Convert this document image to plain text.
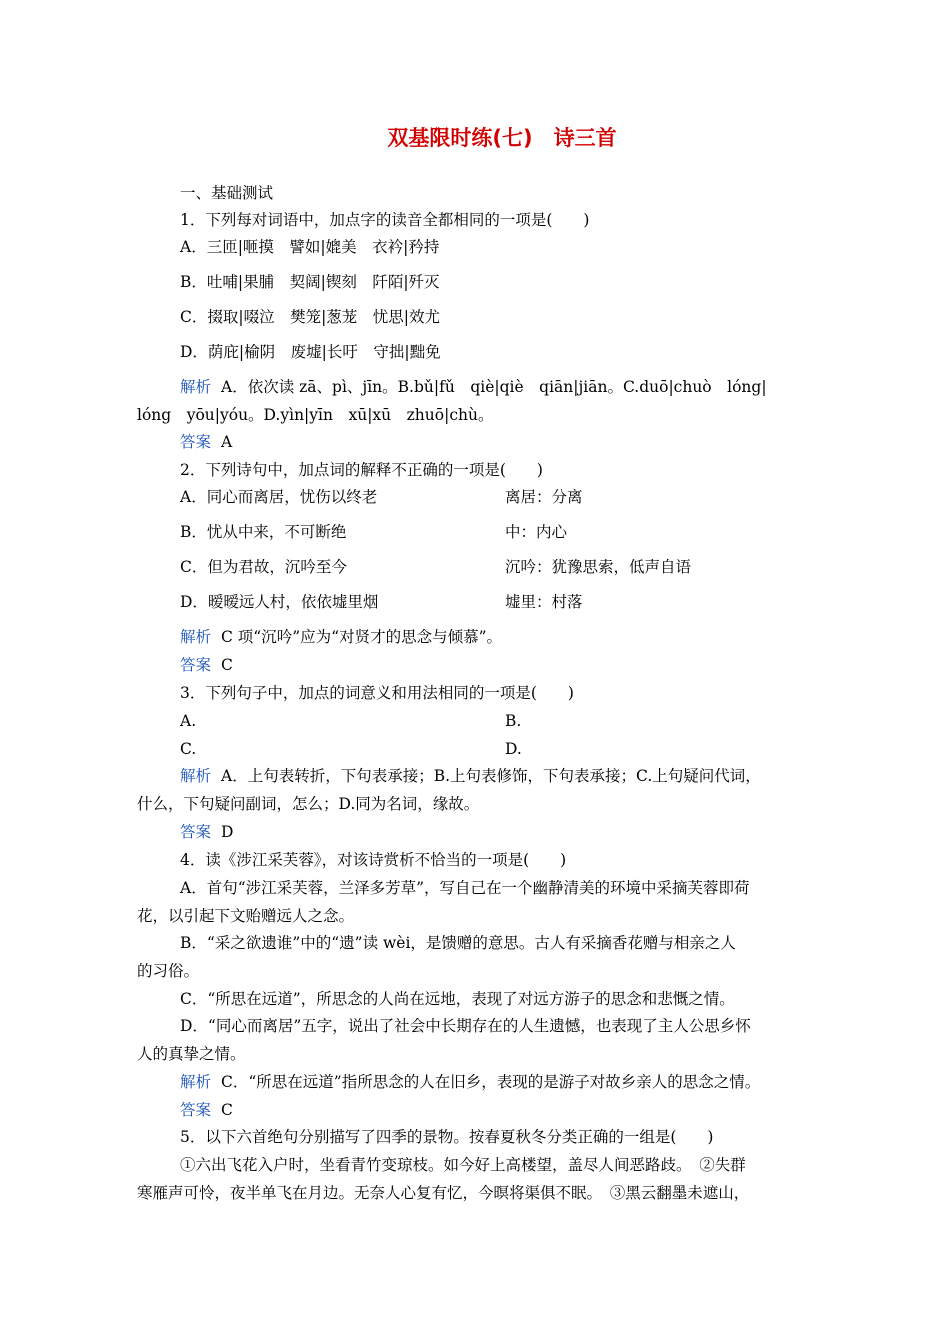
双基限时练(七)　诗三首
一、基础测试
1．下列每对词语中，加点字的读音全都相同的一项是(　　)
A．三匝|咂摸　譬如|媲美　衣衿|矜持
B．吐哺|果脯　契阔|锲刻　阡陌|歼灭
C．掇取|啜泣　樊笼|葱茏　忧思|效尤
D．荫庇|榆阴　废墟|长吁　守拙|黜免
解析 A．依次读 zā、pì、jīn。B.bǔ|fǔ　qiè|qiè　qiān|jiān。C.duō|chuò　lóng|
lóng　yōu|yóu。D.yìn|yīn　xū|xū　zhuō|chù。
答案 A
2．下列诗句中，加点词的解释不正确的一项是(　　)
A．同心而离居，忧伤以终老	离居：分离
B．忧从中来，不可断绝	中：内心
C．但为君故，沉吟至今	沉吟：犹豫思索，低声自语
D．暧暧远人村，依依墟里烟	墟里：村落
解析 C 项“沉吟”应为“对贤才的思念与倾慕”。
答案 C
3．下列句子中，加点的词意义和用法相同的一项是(　　)
A.	B.
C.	D.
解析 A．上句表转折，下句表承接；B.上句表修饰，下句表承接；C.上句疑问代词，
什么，下句疑问副词，怎么；D.同为名词，缘故。
答案 D
4．读《涉江采芙蓉》，对该诗赏析不恰当的一项是(　　)
A．首句“涉江采芙蓉，兰泽多芳草”，写自己在一个幽静清美的环境中采摘芙蓉即荷
花，以引起下文贻赠远人之念。
B．“采之欲遗谁”中的“遗”读 wèi，是馈赠的意思。古人有采摘香花赠与相亲之人
的习俗。
C．“所思在远道”，所思念的人尚在远地，表现了对远方游子的思念和悲慨之情。
D．“同心而离居”五字，说出了社会中长期存在的人生遗憾，也表现了主人公思乡怀
人的真挚之情。
解析 C．“所思在远道”指所思念的人在旧乡，表现的是游子对故乡亲人的思念之情。
答案 C
5．以下六首绝句分别描写了四季的景物。按春夏秋冬分类正确的一组是(　　)
①六出飞花入户时，坐看青竹变琼枝。如今好上高楼望，盖尽人间恶路歧。　②失群
寒雁声可怜，夜半单飞在月边。无奈人心复有忆，今暝将渠俱不眠。　③黑云翻墨未遮山，
